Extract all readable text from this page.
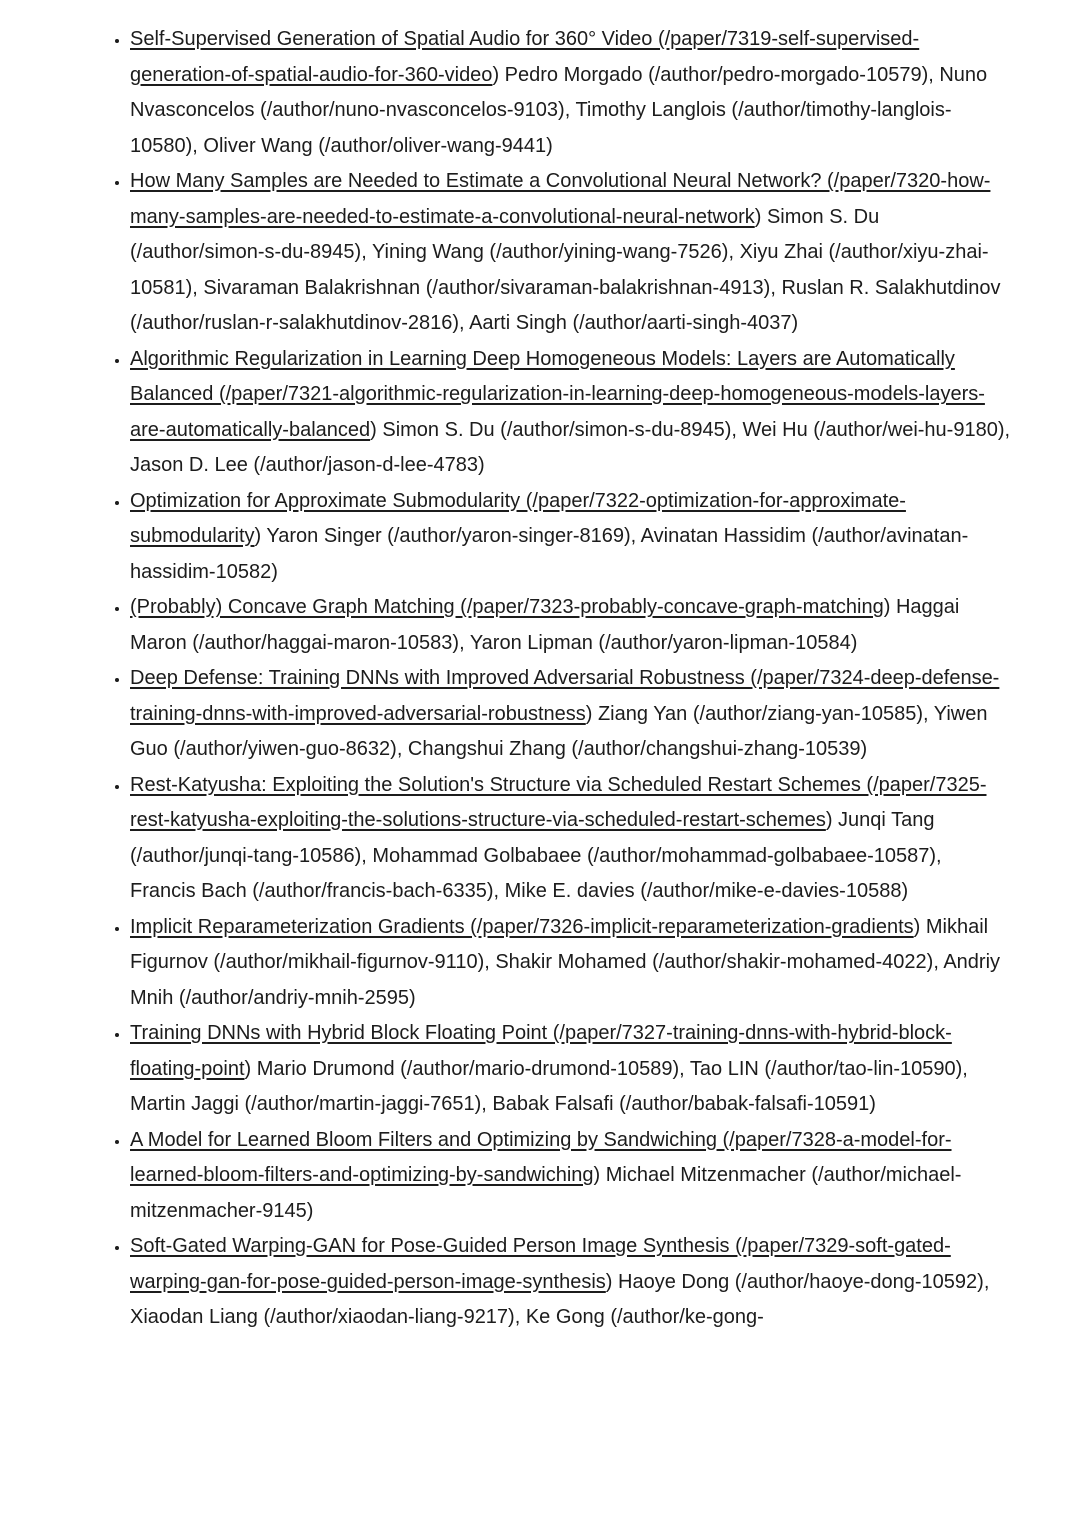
• Self-Supervised Generation of Spatial Audio for 360° Video (/paper/7319-self-supervised-generation-of-spatial-audio-for-360-video) Pedro Morgado (/author/pedro-morgado-10579), Nuno Nvasconcelos (/author/nuno-nvasconcelos-9103), Timothy Langlois (/author/timothy-langlois-10580), Oliver Wang (/author/oliver-wang-9441)
• How Many Samples are Needed to Estimate a Convolutional Neural Network? (/paper/7320-how-many-samples-are-needed-to-estimate-a-convolutional-neural-network) Simon S. Du (/author/simon-s-du-8945), Yining Wang (/author/yining-wang-7526), Xiyu Zhai (/author/xiyu-zhai-10581), Sivaraman Balakrishnan (/author/sivaraman-balakrishnan-4913), Ruslan R. Salakhutdinov (/author/ruslan-r-salakhutdinov-2816), Aarti Singh (/author/aarti-singh-4037)
• Algorithmic Regularization in Learning Deep Homogeneous Models: Layers are Automatically Balanced (/paper/7321-algorithmic-regularization-in-learning-deep-homogeneous-models-layers-are-automatically-balanced) Simon S. Du (/author/simon-s-du-8945), Wei Hu (/author/wei-hu-9180), Jason D. Lee (/author/jason-d-lee-4783)
• Optimization for Approximate Submodularity (/paper/7322-optimization-for-approximate-submodularity) Yaron Singer (/author/yaron-singer-8169), Avinatan Hassidim (/author/avinatan-hassidim-10582)
• (Probably) Concave Graph Matching (/paper/7323-probably-concave-graph-matching) Haggai Maron (/author/haggai-maron-10583), Yaron Lipman (/author/yaron-lipman-10584)
• Deep Defense: Training DNNs with Improved Adversarial Robustness (/paper/7324-deep-defense-training-dnns-with-improved-adversarial-robustness) Ziang Yan (/author/ziang-yan-10585), Yiwen Guo (/author/yiwen-guo-8632), Changshui Zhang (/author/changshui-zhang-10539)
• Rest-Katyusha: Exploiting the Solution's Structure via Scheduled Restart Schemes (/paper/7325-rest-katyusha-exploiting-the-solutions-structure-via-scheduled-restart-schemes) Junqi Tang (/author/junqi-tang-10586), Mohammad Golbabaee (/author/mohammad-golbabaee-10587), Francis Bach (/author/francis-bach-6335), Mike E. davies (/author/mike-e-davies-10588)
• Implicit Reparameterization Gradients (/paper/7326-implicit-reparameterization-gradients) Mikhail Figurnov (/author/mikhail-figurnov-9110), Shakir Mohamed (/author/shakir-mohamed-4022), Andriy Mnih (/author/andriy-mnih-2595)
• Training DNNs with Hybrid Block Floating Point (/paper/7327-training-dnns-with-hybrid-block-floating-point) Mario Drumond (/author/mario-drumond-10589), Tao LIN (/author/tao-lin-10590), Martin Jaggi (/author/martin-jaggi-7651), Babak Falsafi (/author/babak-falsafi-10591)
• A Model for Learned Bloom Filters and Optimizing by Sandwiching (/paper/7328-a-model-for-learned-bloom-filters-and-optimizing-by-sandwiching) Michael Mitzenmacher (/author/michael-mitzenmacher-9145)
• Soft-Gated Warping-GAN for Pose-Guided Person Image Synthesis (/paper/7329-soft-gated-warping-gan-for-pose-guided-person-image-synthesis) Haoye Dong (/author/haoye-dong-10592), Xiaodan Liang (/author/xiaodan-liang-9217), Ke Gong (/author/ke-gong-
